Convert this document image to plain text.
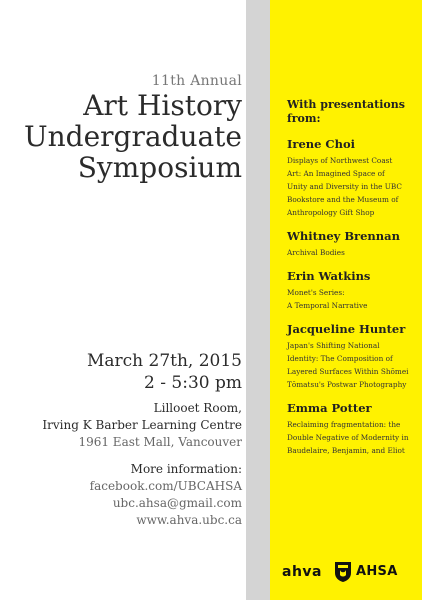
11th Annual
Art History
Undergraduate
Symposium
March 27th, 2015
2 - 5:30 pm
Lillooet Room,
Irving K Barber Learning Centre
1961 East Mall, Vancouver
More information:
facebook.com/UBCAHSA
ubc.ahsa@gmail.com
www.ahva.ubc.ca
With presentations
from:
Irene Choi
Displays of Northwest Coast
Art: An Imagined Space of
Unity and Diversity in the UBC
Bookstore and the Museum of
Anthropology Gift Shop
Whitney Brennan
Archival Bodies
Erin Watkins
Monet's Series:
A Temporal Narrative
Jacqueline Hunter
Japan's Shifting National
Identity: The Composition of
Layered Surfaces Within Shōmei
Tōmatsu's Postwar Photography
Emma Potter
Reclaiming fragmentation: the
Double Negative of Modernity in
Baudelaire, Benjamin, and Eliot
ahva	AHSA
